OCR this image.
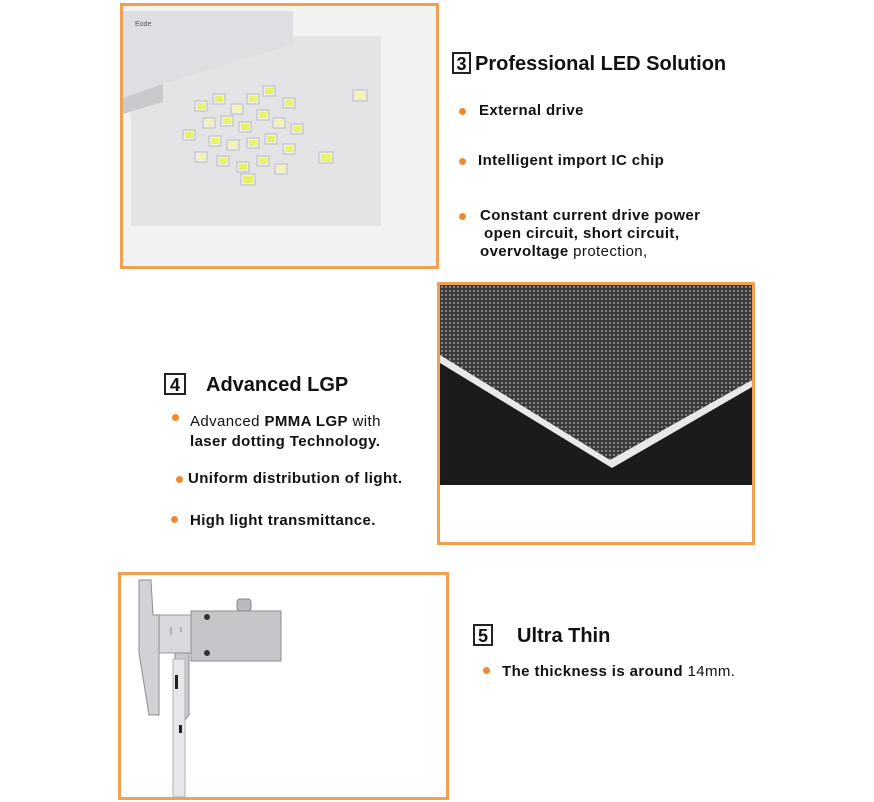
Eode
3 Professional LED Solution
External drive
Intelligent import IC chip
Constant current drive power
open circuit, short circuit,
overvoltage protection,
4 Advanced LGP
Advanced PMMA LGP with
laser dotting Technology.
Uniform distribution of light.
High light transmittance.
5 Ultra Thin
The thickness is around 14mm.
